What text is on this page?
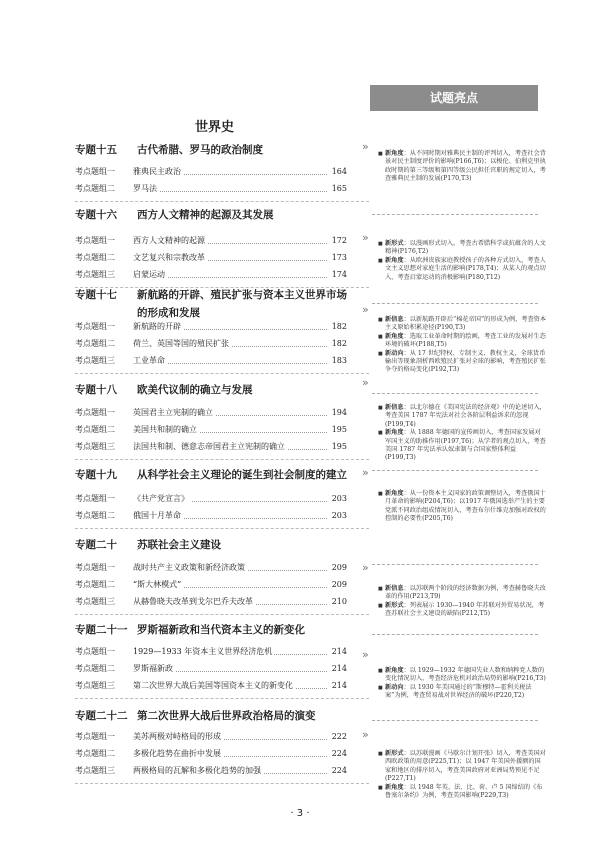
世界史
试题亮点
专题十五 古代希腊、罗马的政治制度
考点题组一	雅典民主政治	164
考点题组二	罗马法	165
»
专题十六 西方人文精神的起源及其发展
考点题组一	西方人文精神的起源	172
考点题组二	文艺复兴和宗教改革	173
考点题组三	启蒙运动	174
»
专题十七 新航路的开辟、殖民扩张与资本主义世界市场
的形成和发展
考点题组一	新航路的开辟	182
考点题组二	荷兰、英国等国的殖民扩张	182
考点题组三	工业革命	183
»
专题十八 欧美代议制的确立与发展
考点题组一	英国君主立宪制的确立	194
考点题组二	美国共和制的确立	195
考点题组三	法国共和制、德意志帝国君主立宪制的确立	195
»
专题十九 从科学社会主义理论的诞生到社会制度的建立
考点题组一	《共产党宣言》	203
考点题组二	俄国十月革命	203
»
专题二十 苏联社会主义建设
考点题组一	战时共产主义政策和新经济政策	209
考点题组二	“斯大林模式”	209
考点题组三	从赫鲁晓夫改革到戈尔巴乔夫改革	210
»
专题二十一 罗斯福新政和当代资本主义的新变化
考点题组一	1929—1933 年资本主义世界经济危机	214
考点题组二	罗斯福新政	214
考点题组三	第二次世界大战后美国等国资本主义的新变化	214
»
专题二十二 第二次世界大战后世界政治格局的演变
考点题组一	美苏两极对峙格局的形成	222
考点题组二	多极化趋势在曲折中发展	224
考点题组三	两极格局的瓦解和多极化趋势的加强	224
»

■ 新角度：从不同时期对雅典民主制的评判切入，考查社会背景对民主制度评价的影响(P166,T6)；以梭伦、伯利克里执政时期的第三等级和第四等级公民担任官职的规定切入，考查雅典民主制的发展(P170,T3)

■ 新形式：以漫画形式切入，考查古希腊科学或抗蕴含的人文精神(P176,T2)

■ 新角度：从欧洲贵族家庭教授孩子的各种方式切入，考查人文主义思想对家庭生活的影响(P178,T4)；从某人的观点切入，考查启蒙运动的消极影响(P180,T12)

■ 新信息：以新航路开辟后“棉花帝国”的形成为例，考查资本主义原始积累途径(P190,T3)

■ 新角度：选取工业革命时期的绘画，考查工业的发展对生态环境的破坏(P188,T5)

■ 新动向：从 17 世纪特权、专制主义、教权主义，全球货币输出等现象剖析西欧殖民扩张对全球的影响，考查殖民扩张争夺的格局变化(P192,T3)

■ 新信息：以北尔德在《美国宪法的经济观》中的论述切入，考查美国 1787 年宪法对社会各阶层利益诉求的忽视(P199,T4)

■ 新角度：从 1888 年德国的宣传画切入，考查国家发展对军国主义的助推作用(P197,T6)；从学者的观点切入，考查美国 1787 年宪法承认奴隶制与合国家整体利益(P199,T3)

■ 新角度：从一份资本主义国家的政策调整切入，考查俄国十月革命的影响(P204,T6)；以1917 年俄国选举产生的主要党派不同政治组成情况切入，考查布尔什维克加强对政权的控制的必要性(P205,T6)

■ 新信息：以苏联两个阶段的经济数据为例，考查赫鲁晓夫改革的作用(P213,T9)

■ 新形式：列表展示 1930—1940 年苏联对外贸易状况，考查苏联社会主义建设的缺陷(P212,T5)

■ 新角度：以 1929—1932 年德国失业人数和纳粹党人数的变化情况切入，考查经济危机对政治局势的影响(P216,T3)

■ 新动向：以 1930 年美国通过的“斯穆特—霍利关税法案”为例，考查贸易战对世界经济的破坏(P220,T2)

■ 新形式：以苏联漫画《马歇尔计划开张》切入，考查美国对西欧政策的用意(P225,T1)；以 1947 年美国外援额的国家和地区的排序切入，考查美国政府对亚洲局势预见不足(P227,T1)

■ 新角度：以 1948 年英、法、比、荷、卢 5 国缔结的《布鲁塞尔条约》为例，考查美国影响(P229,T3)

· 3 ·
